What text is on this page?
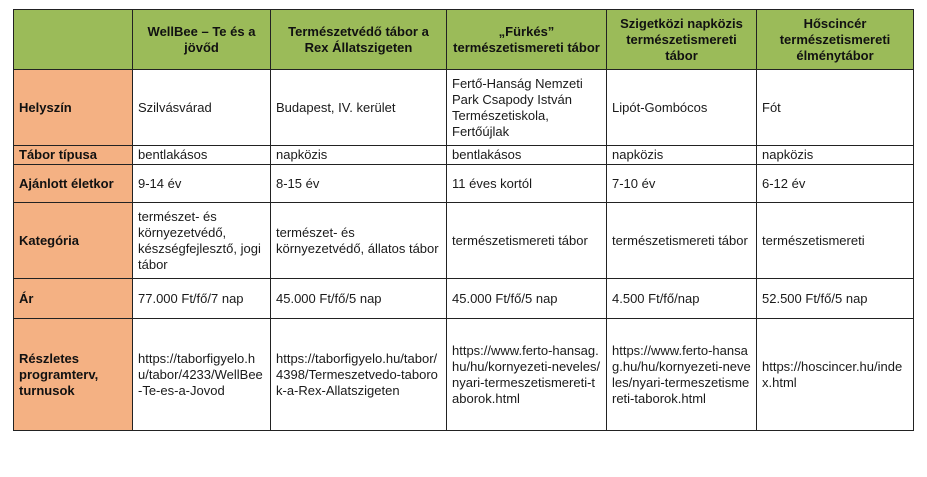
	WellBee – Te és a jövőd	Természetvédő tábor a Rex Állatszigeten	„Fürkés” természetismereti tábor	Szigetközi napközis természetismereti tábor	Hőscincér természetismereti élménytábor
Helyszín	Szilvásvárad	Budapest, IV. kerület	Fertő-Hanság Nemzeti Park Csapody István Természetiskola, Fertőújlak	Lipót-Gombócos	Fót
Tábor típusa	bentlakásos	napközis	bentlakásos	napközis	napközis
Ajánlott életkor	9-14 év	8-15 év	11 éves kortól	7-10 év	6-12 év
Kategória	természet- és környezetvédő, készségfejlesztő, jogi tábor	természet- és környezetvédő, állatos tábor	természetismereti tábor	természetismereti tábor	természetismereti
Ár	77.000 Ft/fő/7 nap	45.000 Ft/fő/5 nap	45.000 Ft/fő/5 nap	4.500 Ft/fő/nap	52.500 Ft/fő/5 nap
Részletes programterv, turnusok	https://taborfigyelo.hu/tabor/4233/WellBee-Te-es-a-Jovod	https://taborfigyelo.hu/tabor/4398/Termeszetvedo-taborok-a-Rex-Allatszigeten	https://www.ferto-hansag.hu/hu/kornyezeti-neveles/nyari-termeszetismereti-taborok.html	https://www.ferto-hansag.hu/hu/kornyezeti-neveles/nyari-termeszetismereti-taborok.html	https://hoscincer.hu/index.html
